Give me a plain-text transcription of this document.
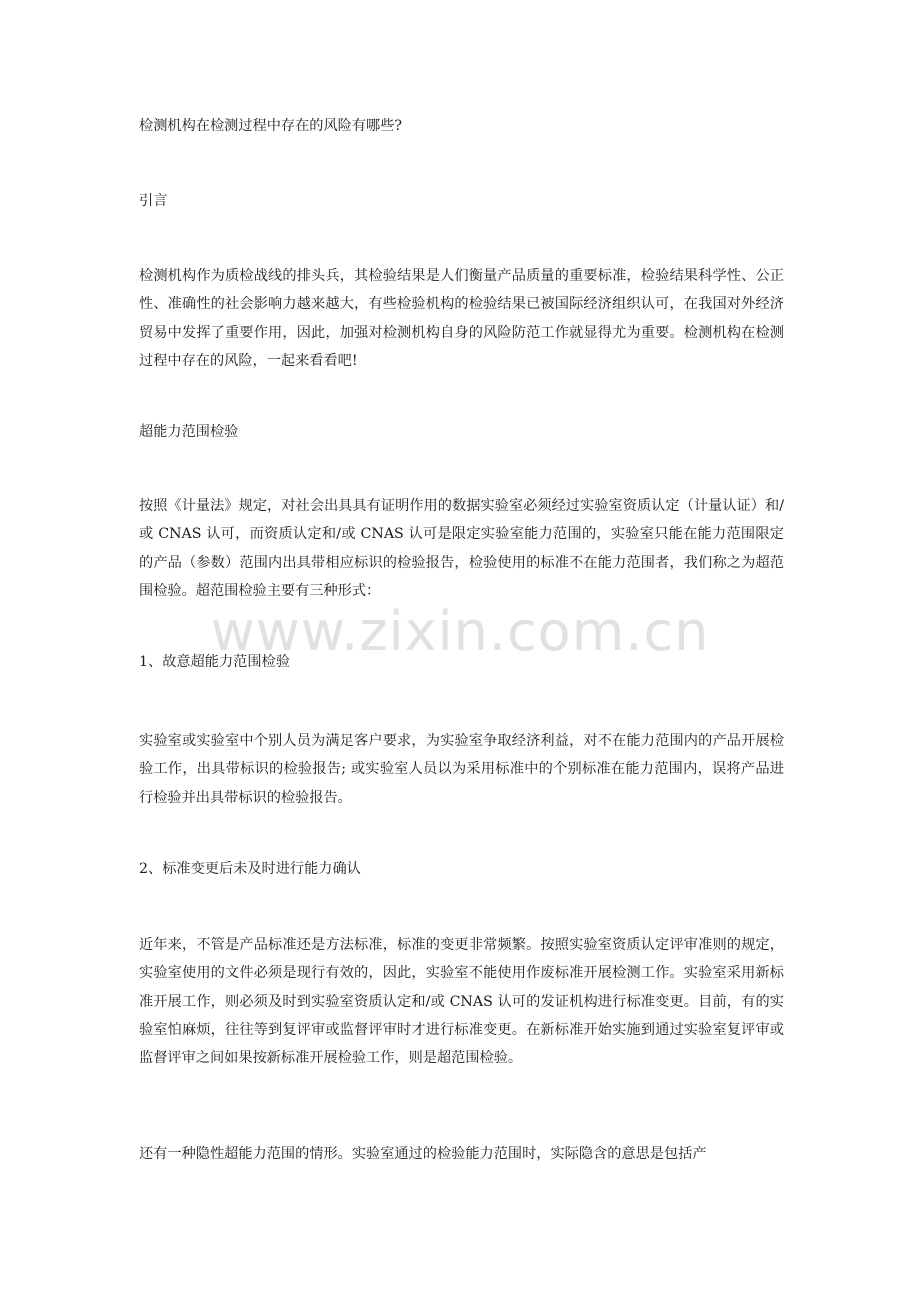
检测机构在检测过程中存在的风险有哪些?

引言

检测机构作为质检战线的排头兵，其检验结果是人们衡量产品质量的重要标准，检验结果科学性、公正性、准确性的社会影响力越来越大，有些检验机构的检验结果已被国际经济组织认可，在我国对外经济贸易中发挥了重要作用，因此，加强对检测机构自身的风险防范工作就显得尤为重要。检测机构在检测过程中存在的风险，一起来看看吧!

超能力范围检验

按照《计量法》规定，对社会出具具有证明作用的数据实验室必须经过实验室资质认定（计量认证）和/或 CNAS 认可，而资质认定和/或 CNAS 认可是限定实验室能力范围的，实验室只能在能力范围限定的产品（参数）范围内出具带相应标识的检验报告，检验使用的标准不在能力范围者，我们称之为超范围检验。超范围检验主要有三种形式：

1、故意超能力范围检验

实验室或实验室中个别人员为满足客户要求，为实验室争取经济利益，对不在能力范围内的产品开展检验工作，出具带标识的检验报告; 或实验室人员以为采用标准中的个别标准在能力范围内，误将产品进行检验并出具带标识的检验报告。

2、标准变更后未及时进行能力确认

近年来，不管是产品标准还是方法标准，标准的变更非常频繁。按照实验室资质认定评审准则的规定，实验室使用的文件必须是现行有效的，因此，实验室不能使用作废标准开展检测工作。实验室采用新标准开展工作，则必须及时到实验室资质认定和/或 CNAS 认可的发证机构进行标准变更。目前，有的实验室怕麻烦，往往等到复评审或监督评审时才进行标准变更。在新标准开始实施到通过实验室复评审或监督评审之间如果按新标准开展检验工作，则是超范围检验。

还有一种隐性超能力范围的情形。实验室通过的检验能力范围时，实际隐含的意思是包括产

www.zixin.com.cn
